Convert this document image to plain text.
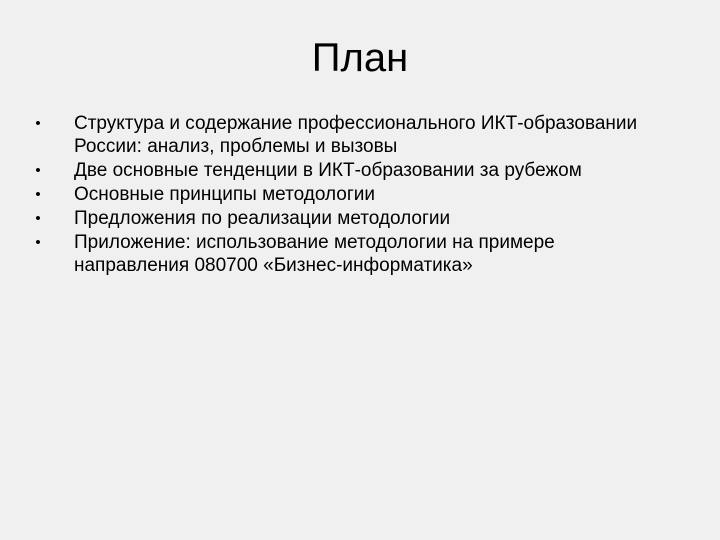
План
•	Структура и содержание профессионального ИКТ-образовании России: анализ, проблемы и вызовы
•	Две основные тенденции в ИКТ-образовании за рубежом
•	Основные принципы методологии
•	Предложения по реализации методологии
•	Приложение: использование методологии на примере направления 080700 «Бизнес-информатика»
